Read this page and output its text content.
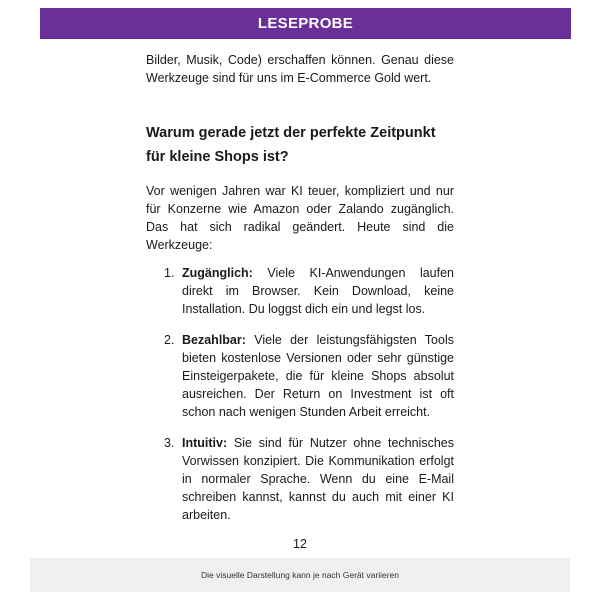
LESEPROBE

Bilder, Musik, Code) erschaffen können. Genau diese Werkzeuge sind für uns im E-Commerce Gold wert.

Warum gerade jetzt der perfekte Zeitpunkt für kleine Shops ist?

Vor wenigen Jahren war KI teuer, kompliziert und nur für Konzerne wie Amazon oder Zalando zugänglich. Das hat sich radikal geändert. Heute sind die Werkzeuge:

1. Zugänglich: Viele KI-Anwendungen laufen direkt im Browser. Kein Download, keine Installation. Du loggst dich ein und legst los.
2. Bezahlbar: Viele der leistungsfähigsten Tools bieten kostenlose Versionen oder sehr günstige Einsteigerpakete, die für kleine Shops absolut ausreichen. Der Return on Investment ist oft schon nach wenigen Stunden Arbeit erreicht.
3. Intuitiv: Sie sind für Nutzer ohne technisches Vorwissen konzipiert. Die Kommunikation erfolgt in normaler Sprache. Wenn du eine E-Mail schreiben kannst, kannst du auch mit einer KI arbeiten.
12
Die visuelle Darstellung kann je nach Gerät variieren
